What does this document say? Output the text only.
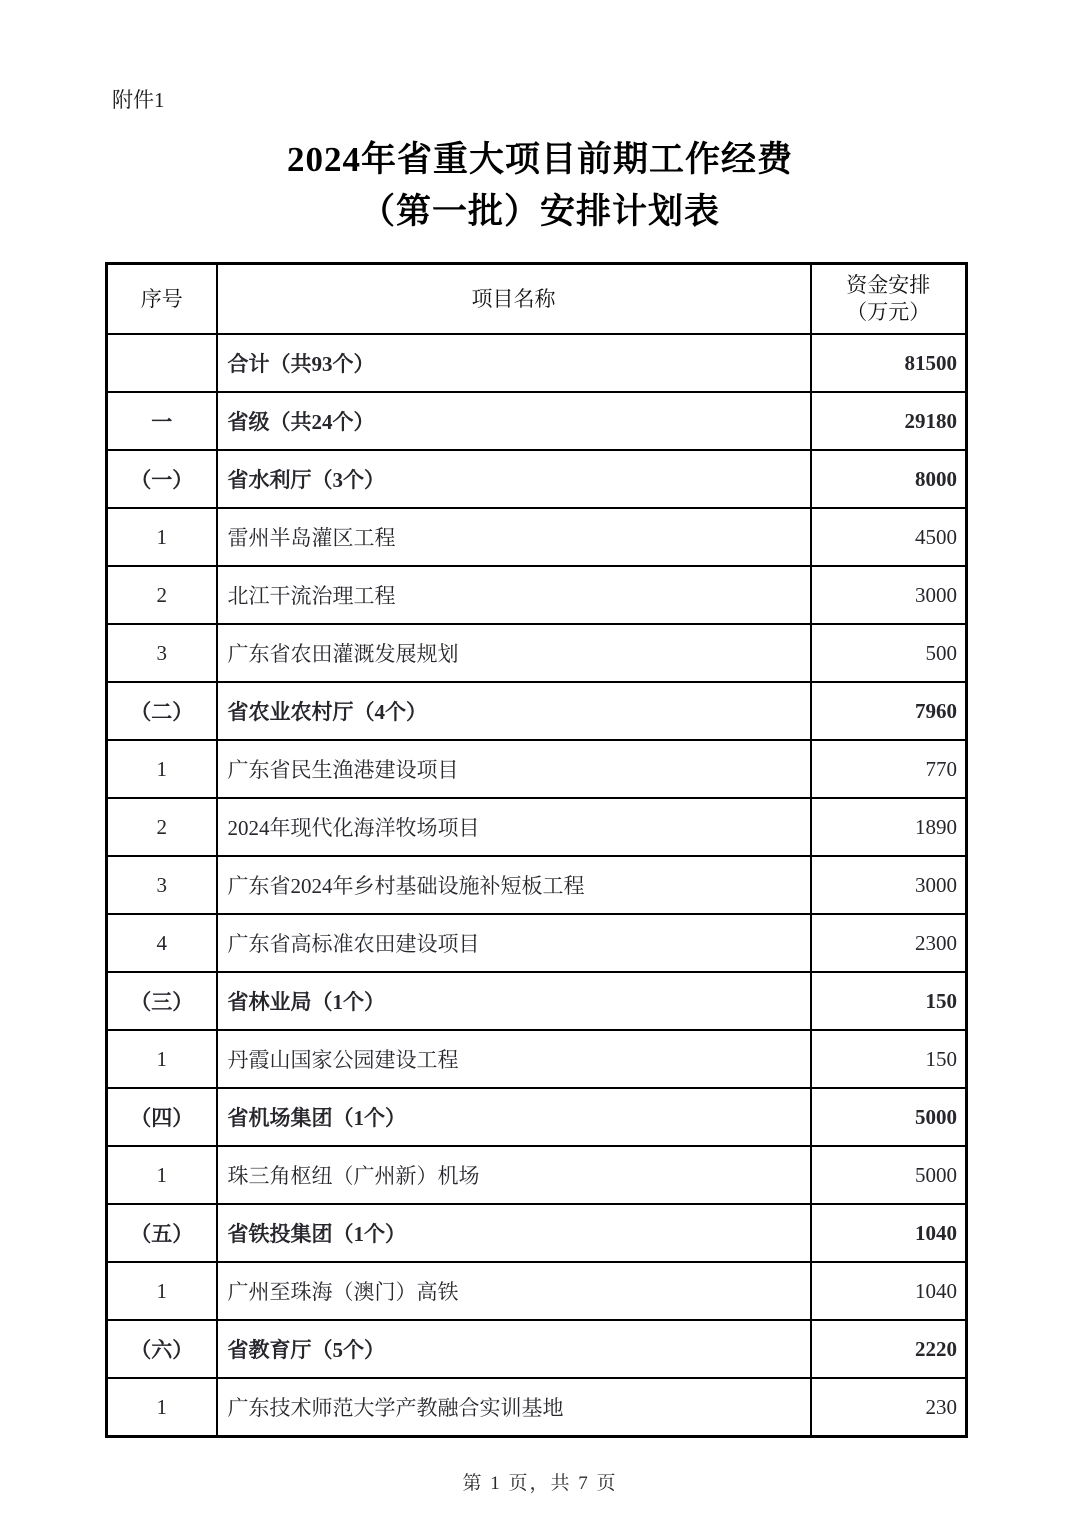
附件1
2024年省重大项目前期工作经费
（第一批）安排计划表
序号	项目名称	资金安排
（万元）

	合计（共93个）	81500
一	省级（共24个）	29180
（一）	省水利厅（3个）	8000
1	雷州半岛灌区工程	4500
2	北江干流治理工程	3000
3	广东省农田灌溉发展规划	500
（二）	省农业农村厅（4个）	7960
1	广东省民生渔港建设项目	770
2	2024年现代化海洋牧场项目	1890
3	广东省2024年乡村基础设施补短板工程	3000
4	广东省高标准农田建设项目	2300
（三）	省林业局（1个）	150
1	丹霞山国家公园建设工程	150
（四）	省机场集团（1个）	5000
1	珠三角枢纽（广州新）机场	5000
（五）	省铁投集团（1个）	1040
1	广州至珠海（澳门）高铁	1040
（六）	省教育厅（5个）	2220
1	广东技术师范大学产教融合实训基地	230
第 1 页，共 7 页
